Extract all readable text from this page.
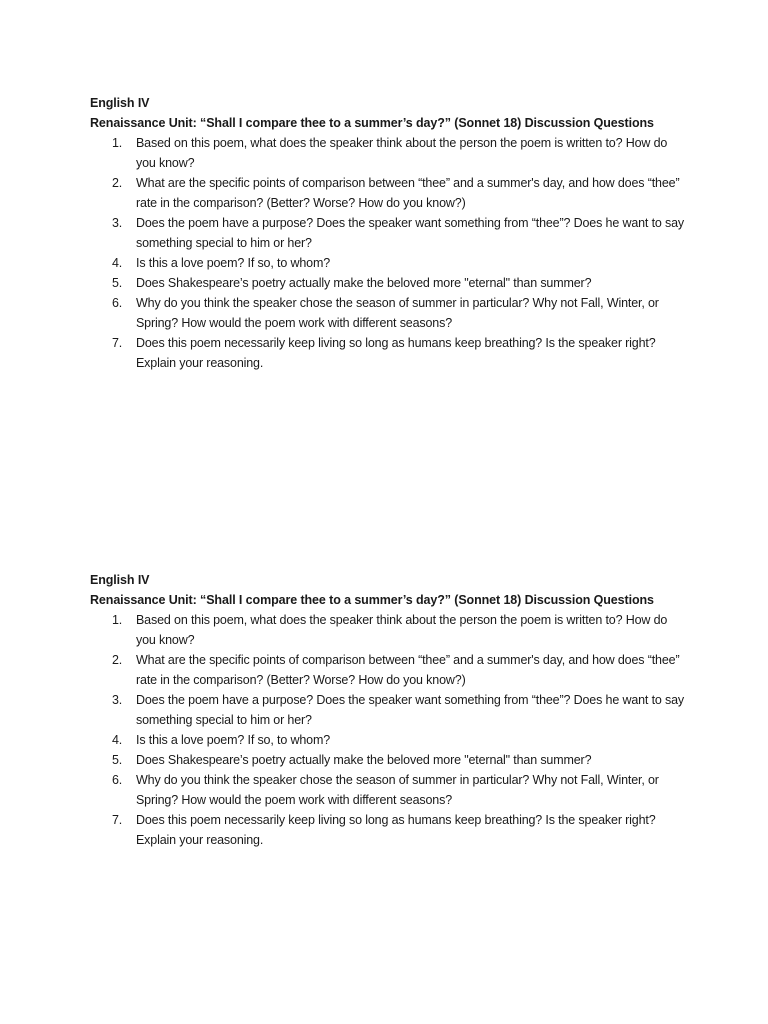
English IV

Renaissance Unit: “Shall I compare thee to a summer’s day?” (Sonnet 18) Discussion Questions

1. Based on this poem, what does the speaker think about the person the poem is written to? How do you know?
2. What are the specific points of comparison between “thee” and a summer's day, and how does “thee” rate in the comparison? (Better? Worse? How do you know?)
3. Does the poem have a purpose? Does the speaker want something from “thee”? Does he want to say something special to him or her?
4. Is this a love poem? If so, to whom?
5. Does Shakespeare’s poetry actually make the beloved more "eternal" than summer?
6. Why do you think the speaker chose the season of summer in particular? Why not Fall, Winter, or Spring? How would the poem work with different seasons?
7. Does this poem necessarily keep living so long as humans keep breathing? Is the speaker right? Explain your reasoning.

English IV

Renaissance Unit: “Shall I compare thee to a summer’s day?” (Sonnet 18) Discussion Questions

1. Based on this poem, what does the speaker think about the person the poem is written to? How do you know?
2. What are the specific points of comparison between “thee” and a summer's day, and how does “thee” rate in the comparison? (Better? Worse? How do you know?)
3. Does the poem have a purpose? Does the speaker want something from “thee”? Does he want to say something special to him or her?
4. Is this a love poem? If so, to whom?
5. Does Shakespeare’s poetry actually make the beloved more "eternal" than summer?
6. Why do you think the speaker chose the season of summer in particular? Why not Fall, Winter, or Spring? How would the poem work with different seasons?
7. Does this poem necessarily keep living so long as humans keep breathing? Is the speaker right? Explain your reasoning.
